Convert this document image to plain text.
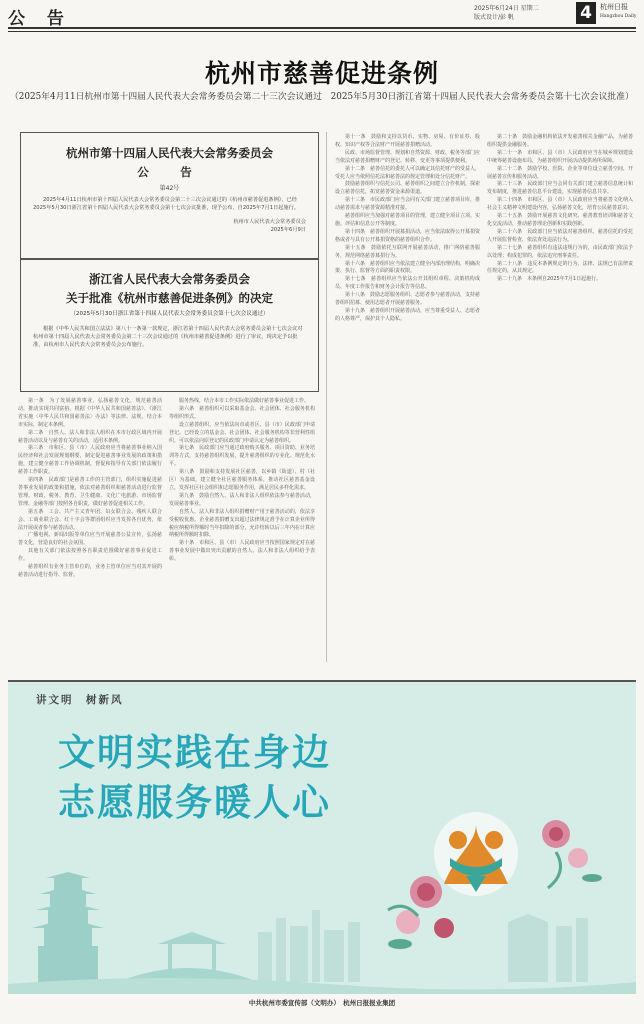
公 告
2025年6月24日 星期二
版式设计/彭 帆	4	杭州日报
Hangzhou Daily
杭州市慈善促进条例
（2025年4月11日杭州市第十四届人民代表大会常务委员会第二十三次会议通过　2025年5月30日浙江省第十四届人民代表大会常务委员会第十七次会议批准）
杭州市第十四届人民代表大会常务委员会
公　告
第42号
2025年4月11日杭州市第十四届人民代表大会常务委员会第二十三次会议通过的《杭州市慈善促进条例》，已经2025年5月30日浙江省第十四届人民代表大会常务委员会第十七次会议批准，现予公布，自2025年7月1日起施行。
杭州市人民代表大会常务委员会
2025年6月9日
浙江省人民代表大会常务委员会
关于批准《杭州市慈善促进条例》的决定
（2025年5月30日浙江省第十四届人民代表大会常务委员会第十七次会议通过）
根据《中华人民共和国立法法》第八十一条第一款规定，浙江省第十四届人民代表大会常务委员会第十七次会议对杭州市第十四届人民代表大会常务委员会第二十三次会议通过的《杭州市慈善促进条例》进行了审议，现决定予以批准，由杭州市人民代表大会常务委员会公布施行。

第一条　为了发展慈善事业，弘扬慈善文化，规范慈善活动，推动实现共同富裕，根据《中华人民共和国慈善法》、《浙江省实施〈中华人民共和国慈善法〉办法》等法律、法规，结合本市实际，制定本条例。

第二条　自然人、法人和非法人组织在本市行政区域内开展慈善活动以及与慈善有关的活动，适用本条例。

第三条　市和区、县（市）人民政府应当将慈善事业纳入国民经济和社会发展规划纲要，制定促进慈善事业发展的政策和措施，建立健全慈善工作协调机制，督促和指导有关部门依法履行慈善工作职责。

第四条　民政部门是慈善工作的主管部门，组织实施促进慈善事业发展的政策和措施，依法对慈善组织和慈善活动进行监督管理。财政、税务、教育、卫生健康、文化广电旅游、市场监督管理、金融等部门按照各自职责，做好慈善促进相关工作。

第五条　工会、共产主义青年团、妇女联合会、残疾人联合会、工商业联合会、红十字会等群团组织应当发挥各自优势，依法开展或者参与慈善活动。

广播电视、新闻出版等单位应当开展慈善公益宣传，弘扬慈善文化，营造良好的社会氛围。

其他有关部门依法按照各自职责范围做好慈善事业促进工作。

慈善组织有业务主管单位的，业务主管单位应当对其开展的慈善活动进行指导、监督。

服务热线，结合本市工作实际依法做好慈善事业促进工作。

第六条　慈善组织可以采取基金会、社会团体、社会服务机构等组织形式。

设立慈善组织，应当依法向市或者区、县（市）民政部门申请登记。已经设立的基金会、社会团体、社会服务机构等非营利性组织，可以依法向原登记的民政部门申请认定为慈善组织。

第七条　民政部门应当通过政府购买服务、项目资助、业务培训等方式，支持慈善组织发展，提升慈善组织的专业化、规范化水平。

第八条　鼓励和支持发展社区慈善，以乡镇（街道）、村（社区）为基础，建立健全社区慈善服务体系，推动社区慈善基金设立，发挥社区社会组织和志愿服务作用，满足居民多样化需求。

第九条　鼓励自然人、法人和非法人组织依法参与慈善活动，发展慈善事业。

自然人、法人和非法人组织捐赠财产用于慈善活动的，依法享受税收优惠。企业慈善捐赠支出超过法律规定准予在计算企业所得税应纳税所得额时当年扣除的部分，允许结转以后三年内在计算应纳税所得额时扣除。

第十条　市和区、县（市）人民政府应当按照国家规定对在慈善事业发展中做出突出贡献的自然人、法人和非法人组织给予表彰。

第十一条　鼓励和支持以货币、实物、房屋、有价证券、股权、知识产权等合法财产开展慈善捐赠活动。

民政、市场监督管理、规划和自然资源、财政、税务等部门应当依法对慈善捐赠财产的登记、转移、变更等事项提供便利。

第十二条　慈善信托的委托人可以确定其信托财产的受益人，受托人应当依照信托法和慈善法的规定管理和处分信托财产。

鼓励慈善组织与信托公司、慈善组织之间建立合作机制，探索设立慈善信托，拓宽慈善资金来源渠道。

第十三条　市民政部门应当会同有关部门建立慈善项目库，推动慈善需求与慈善资源精准对接。

慈善组织应当加强对慈善项目的管理，建立健全项目立项、实施、评估和信息公开等制度。

第十四条　慈善组织开展募捐活动，应当依法取得公开募捐资格或者与具有公开募捐资格的慈善组织合作。

第十五条　鼓励依托互联网开展慈善活动，推广网络慈善服务，规范网络慈善募捐行为。

第十六条　慈善组织应当依法建立健全内部治理结构，明确决策、执行、监督等方面的职责权限。

第十七条　慈善组织应当依法公开其组织章程、决策机构成员、年度工作报告和财务会计报告等信息。

第十八条　鼓励志愿服务组织、志愿者参与慈善活动，支持慈善组织招募、使用志愿者开展慈善服务。

第十九条　慈善组织开展慈善活动，应当尊重受益人、志愿者的人格尊严，保护其个人隐私。

第二十条　鼓励金融机构依法开发慈善相关金融产品，为慈善组织提供金融服务。

第二十一条　市和区、县（市）人民政府应当在城乡规划建设中统筹慈善设施布局，为慈善组织开展活动提供场所保障。

第二十二条　鼓励学校、医院、企业等单位设立慈善空间，开展慈善宣传和服务活动。

第二十三条　民政部门应当会同有关部门建立慈善信息统计和发布制度，推进慈善信息平台建设，实现慈善信息共享。

第二十四条　市和区、县（市）人民政府应当将慈善文化纳入社会主义精神文明建设内容，弘扬慈善文化，培育公民慈善意识。

第二十五条　鼓励开展慈善文化研究、慈善教育培训和慈善文化交流活动，推动慈善理论创新和实践创新。

第二十六条　民政部门应当依法对慈善组织、慈善信托的受托人开展监督检查，依法查处违法行为。

第二十七条　慈善组织有违法违规行为的，由民政部门依法予以处理；构成犯罪的，依法追究刑事责任。

第二十八条　违反本条例规定的行为，法律、法规已有法律责任规定的，从其规定。

第二十九条　本条例自2025年7月1日起施行。

讲文明　树新风
文明实践在身边
志愿服务暖人心
中共杭州市委宣传部（文明办）　杭州日报报业集团
